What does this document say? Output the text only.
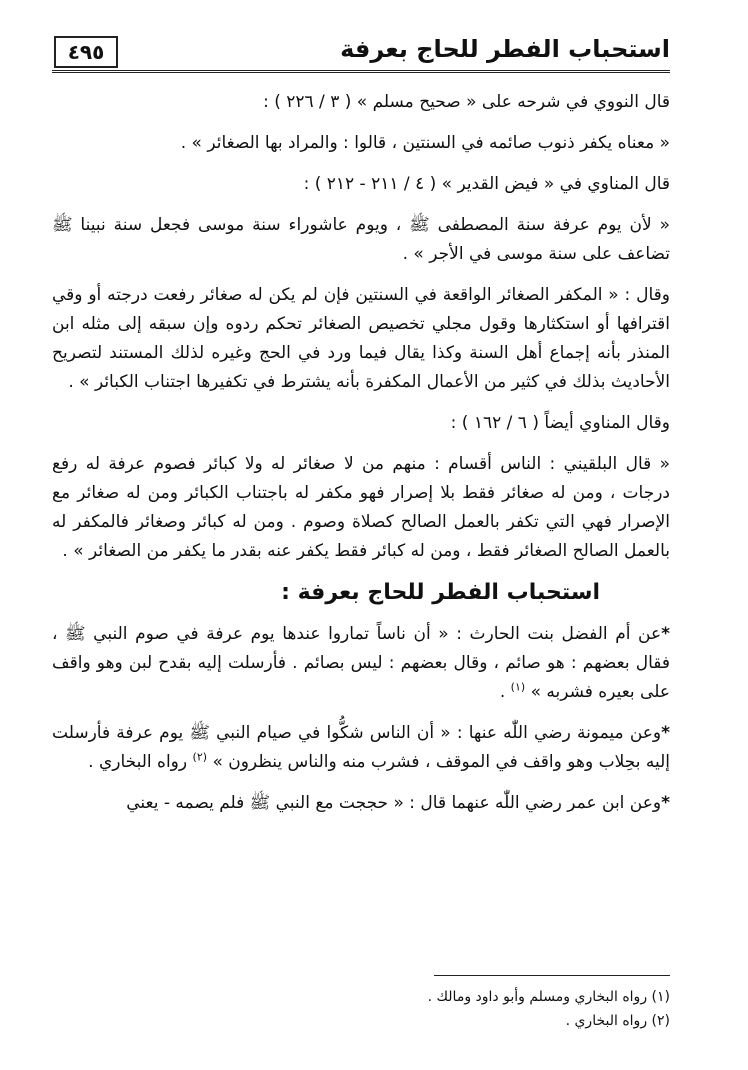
٤٩٥	استحباب الفطر للحاج بعرفة

قال النووي في شرحه على « صحيح مسلم » ( ٣ / ٢٢٦ ) :

« معناه يكفر ذنوب صائمه في السنتين ، قالوا : والمراد بها الصغائر » .

قال المناوي في « فيض القدير » ( ٤ / ٢١١ - ٢١٢ ) :

« لأن يوم عرفة سنة المصطفى ﷺ ، ويوم عاشوراء سنة موسى فجعل سنة نبينا ﷺ تضاعف على سنة موسى في الأجر » .

وقال : « المكفر الصغائر الواقعة في السنتين فإن لم يكن له صغائر رفعت درجته أو وقي اقترافها أو استكثارها وقول مجلي تخصيص الصغائر تحكم ردوه وإن سبقه إلى مثله ابن المنذر بأنه إجماع أهل السنة وكذا يقال فيما ورد في الحج وغيره لذلك المستند لتصريح الأحاديث بذلك في كثير من الأعمال المكفرة بأنه يشترط في تكفيرها اجتناب الكبائر » .

وقال المناوي أيضاً ( ٦ / ١٦٢ ) :

« قال البلقيني : الناس أقسام : منهم من لا صغائر له ولا كبائر فصوم عرفة له رفع درجات ، ومن له صغائر فقط بلا إصرار فهو مكفر له باجتناب الكبائر ومن له صغائر مع الإصرار فهي التي تكفر بالعمل الصالح كصلاة وصوم . ومن له كبائر وصغائر فالمكفر له بالعمل الصالح الصغائر فقط ، ومن له كبائر فقط يكفر عنه بقدر ما يكفر من الصغائر » .

استحباب الفطر للحاج بعرفة :

*عن أم الفضل بنت الحارث : « أن ناساً تماروا عندها يوم عرفة في صوم النبي ﷺ ، فقال بعضهم : هو صائم ، وقال بعضهم : ليس بصائم . فأرسلت إليه بقدح لبن وهو واقف على بعيره فشربه » $^{(١)}$ .

*وعن ميمونة رضي اللّٰه عنها : « أن الناس شكُّوا في صيام النبي ﷺ يوم عرفة فأرسلت إليه بحِلاب وهو واقف في الموقف ، فشرب منه والناس ينظرون » $^{(٢)}$ رواه البخاري .

*وعن ابن عمر رضي اللّٰه عنهما قال : « حججت مع النبي ﷺ فلم يصمه - يعني

(١) رواه البخاري ومسلم وأبو داود ومالك .

(٢) رواه البخاري .
